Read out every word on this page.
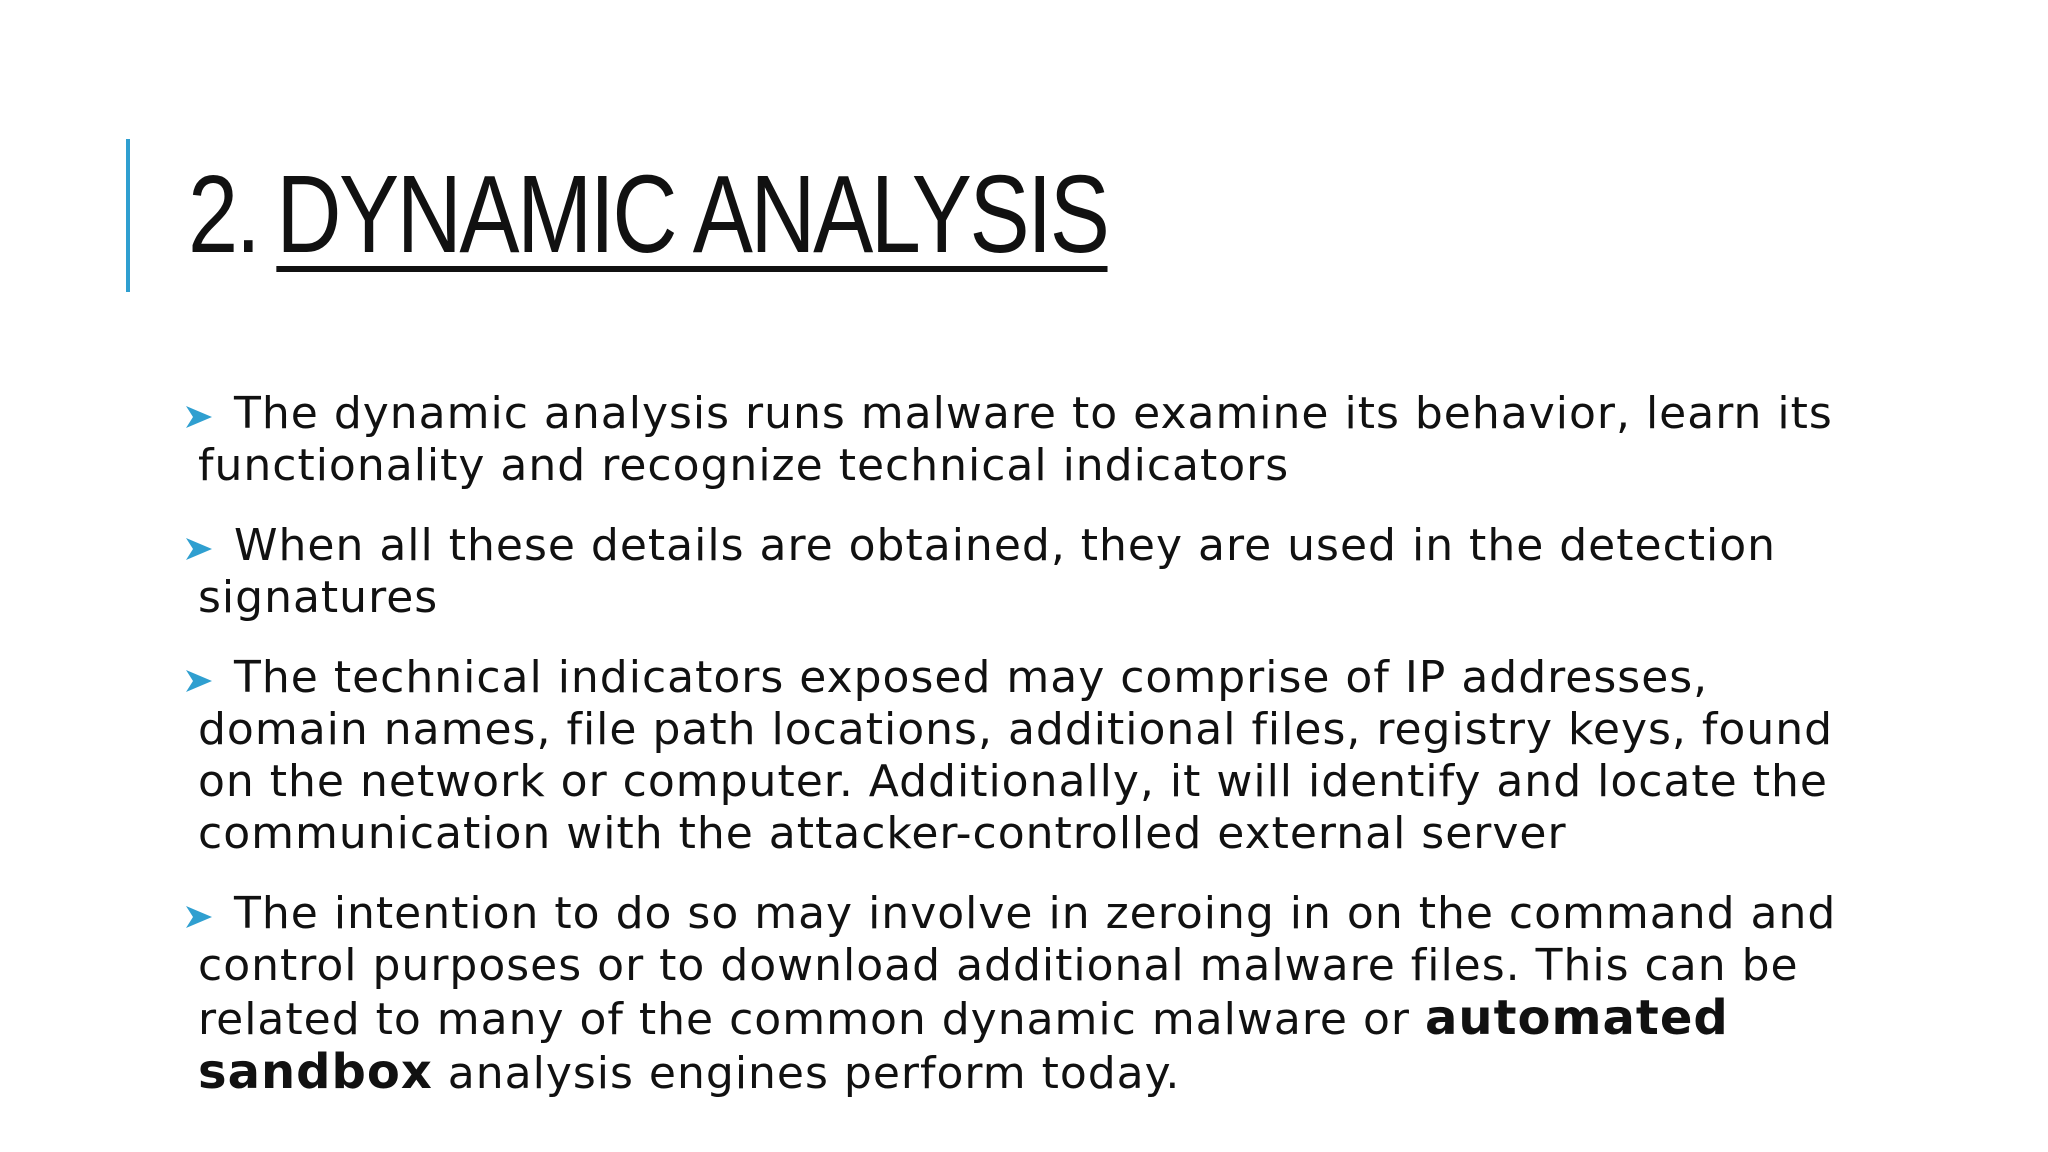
2. DYNAMIC ANALYSIS
The dynamic analysis runs malware to examine its behavior, learn its functionality and recognize technical indicators
When all these details are obtained, they are used in the detection signatures
The technical indicators exposed may comprise of IP addresses, domain names, file path locations, additional files, registry keys, found on the network or computer. Additionally, it will identify and locate the communication with the attacker-controlled external server
The intention to do so may involve in zeroing in on the command and control purposes or to download additional malware files. This can be related to many of the common dynamic malware or automated sandbox analysis engines perform today.
